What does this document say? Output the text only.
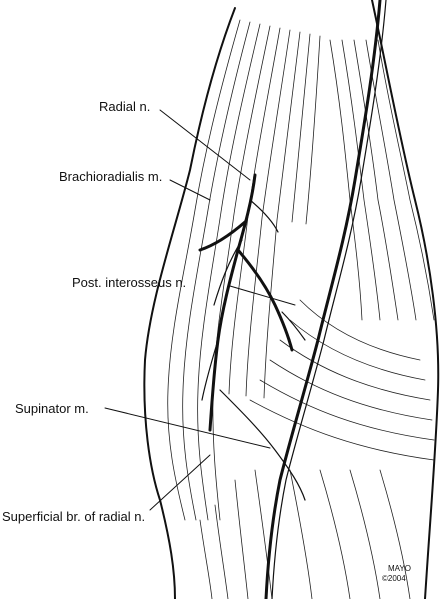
Radial n.
Brachioradialis m.
Post. interosseus n.
Supinator m.
Superficial br. of radial n.
MAYO
©2004
